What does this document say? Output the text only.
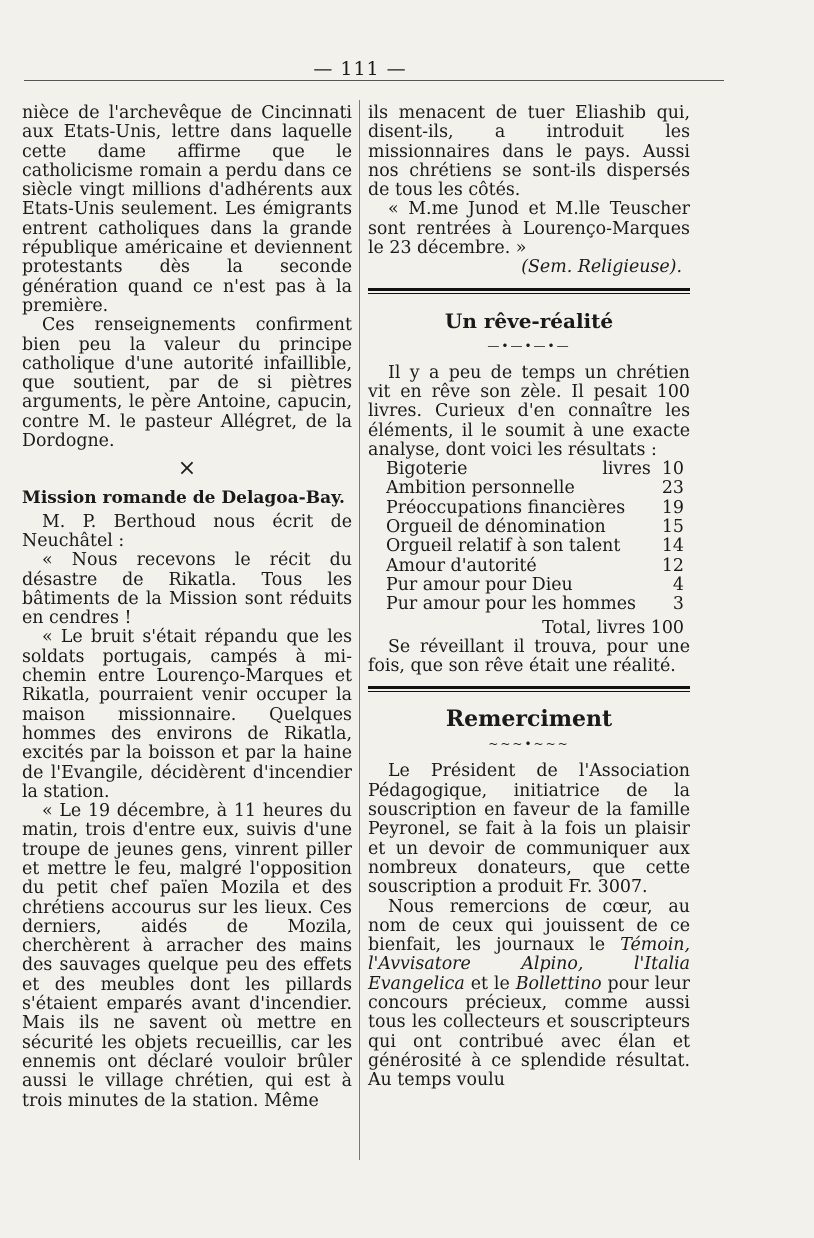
— 111 —

nièce de l'archevêque de Cincinnati aux Etats-Unis, lettre dans laquelle cette dame affirme que le catholicisme romain a perdu dans ce siècle vingt millions d'adhérents aux Etats-Unis seulement. Les émigrants entrent catholiques dans la grande république américaine et deviennent protestants dès la seconde génération quand ce n'est pas à la première.

Ces renseignements confirment bien peu la valeur du principe catholique d'une autorité infaillible, que soutient, par de si piètres arguments, le père Antoine, capucin, contre M. le pasteur Allégret, de la Dordogne.

×
Mission romande de Delagoa-Bay.

M. P. Berthoud nous écrit de Neuchâtel :

« Nous recevons le récit du désastre de Rikatla. Tous les bâtiments de la Mission sont réduits en cendres !

« Le bruit s'était répandu que les soldats portugais, campés à mi-chemin entre Lourenço-Marques et Rikatla, pourraient venir occuper la maison missionnaire. Quelques hommes des environs de Rikatla, excités par la boisson et par la haine de l'Evangile, décidèrent d'incendier la station.

« Le 19 décembre, à 11 heures du matin, trois d'entre eux, suivis d'une troupe de jeunes gens, vinrent piller et mettre le feu, malgré l'opposition du petit chef païen Mozila et des chrétiens accourus sur les lieux. Ces derniers, aidés de Mozila, cherchèrent à arracher des mains des sauvages quelque peu des effets et des meubles dont les pillards s'étaient emparés avant d'incendier. Mais ils ne savent où mettre en sécurité les objets recueillis, car les ennemis ont déclaré vouloir brûler aussi le village chrétien, qui est à trois minutes de la station. Même

ils menacent de tuer Eliashib qui, disent-ils, a introduit les missionnaires dans le pays. Aussi nos chrétiens se sont-ils dispersés de tous les côtés.

« M.me Junod et M.lle Teuscher sont rentrées à Lourenço-Marques le 23 décembre. »

(Sem. Religieuse).
Un rêve-réalité
—•—•—•—

Il y a peu de temps un chrétien vit en rêve son zèle. Il pesait 100 livres. Curieux d'en connaître les éléments, il le soumit à une exacte analyse, dont voici les résultats :

Bigoterie	livres 10
Ambition personnelle	23
Préoccupations financières 19
Orgueil de dénomination	15
Orgueil relatif à son talent 14
Amour d'autorité	12
Pur amour pour Dieu	4
Pur amour pour les hommes 3
Total, livres 100

Se réveillant il trouva, pour une fois, que son rêve était une réalité.

Remerciment
~~~•~~~

Le Président de l'Association Pédagogique, initiatrice de la souscription en faveur de la famille Peyronel, se fait à la fois un plaisir et un devoir de communiquer aux nombreux donateurs, que cette souscription a produit Fr. 3007.

Nous remercions de cœur, au nom de ceux qui jouissent de ce bienfait, les journaux le Témoin, l'Avvisatore Alpino, l'Italia Evangelica et le Bollettino pour leur concours précieux, comme aussi tous les collecteurs et souscripteurs qui ont contribué avec élan et générosité à ce splendide résultat. Au temps voulu
